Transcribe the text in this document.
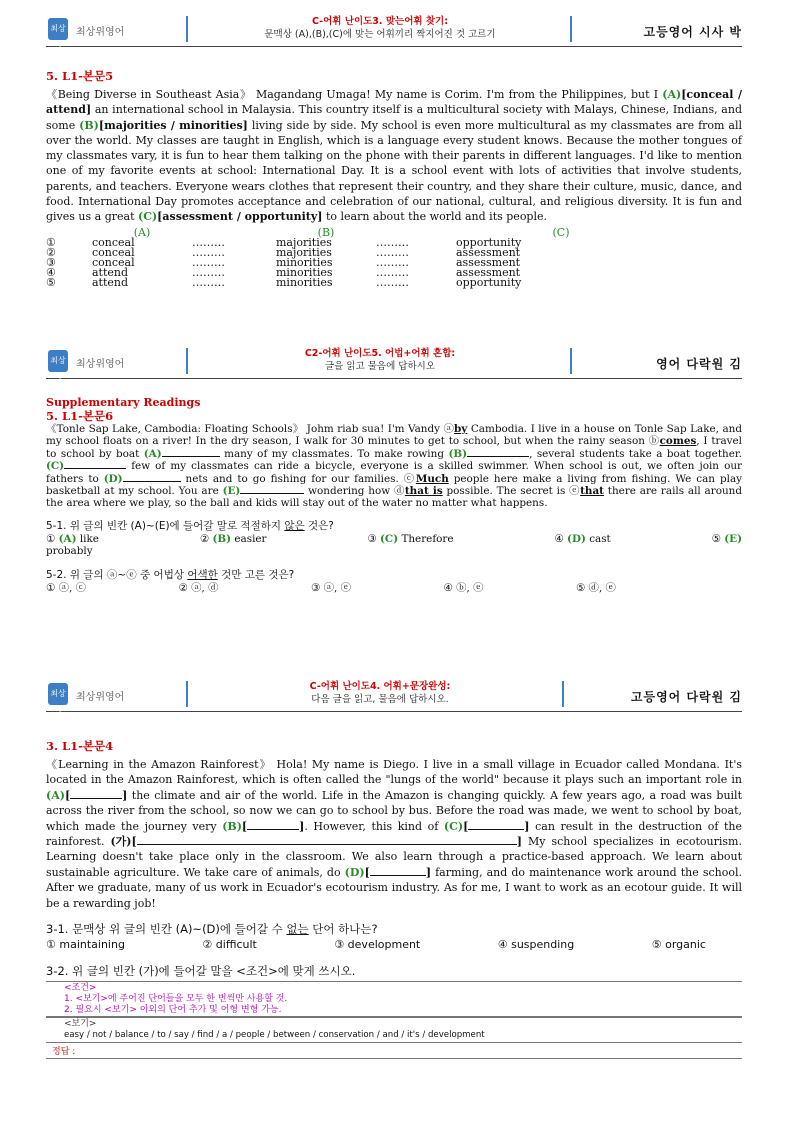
최상위
최상위영어
C-어휘 난이도3. 맞는어휘 찾기:
문맥상 (A),(B),(C)에 맞는 어휘끼리 짝지어진 것 고르기	고등영어 시사 박
5. L1-본문5

《Being Diverse in Southeast Asia》 Magandang Umaga! My name is Corim. I'm from the Philippines, but I (A)[conceal / attend] an international school in Malaysia. This country itself is a multicultural society with Malays, Chinese, Indians, and some (B)[majorities / minorities] living side by side. My school is even more multicultural as my classmates are from all over the world. My classes are taught in English, which is a language every student knows. Because the mother tongues of my classmates vary, it is fun to hear them talking on the phone with their parents in different languages. I'd like to mention one of my favorite events at school: International Day. It is a school event with lots of activities that involve students, parents, and teachers. Everyone wears clothes that represent their country, and they share their culture, music, dance, and food. International Day promotes acceptance and celebration of our national, cultural, and religious diversity. It is fun and gives us a great (C)[assessment / opportunity] to learn about the world and its people.

	(A)		(B)		(C)
①	conceal	………	majorities	………	opportunity
②	conceal	………	majorities	………	assessment
③	conceal	………	minorities	………	assessment
④	attend	………	minorities	………	assessment
⑤	attend	………	minorities	………	opportunity
최상위
최상위영어
C2-어휘 난이도5. 어법+어휘 혼합:
글을 읽고 물음에 답하시오	영어 다락원 김
Supplementary Readings
5. L1-본문6

《Tonle Sap Lake, Cambodia: Floating Schools》 Johm riab sua! I'm Vandy ⓐby Cambodia. I live in a house on Tonle Sap Lake, and my school floats on a river! In the dry season, I walk for 30 minutes to get to school, but when the rainy season ⓑcomes, I travel to school by boat (A)	many of my classmates. To make rowing (B)	, several students take a boat together. (C)	few of my classmates can ride a bicycle, everyone is a skilled swimmer. When school is out, we often join our fathers to (D)	nets and to go fishing for our families. ⓒMuch people here make a living from fishing. We can play basketball at my school. You are (E)	wondering how ⓓthat is possible. The secret is ⓔthat there are rails all around the area where we play, so the ball and kids will stay out of the water no matter what happens.

5-1. 위 글의 빈칸 (A)~(E)에 들어갈 말로 적절하지 않은 것은?
① (A) like	② (B) easier	③ (C) Therefore	④ (D) cast	⑤ (E)
probably
5-2. 위 글의 ⓐ~ⓔ 중 어법상 어색한 것만 고른 것은?
① ⓐ, ⓒ	② ⓐ, ⓓ	③ ⓐ, ⓔ	④ ⓑ, ⓔ	⑤ ⓓ, ⓔ
최상위
최상위영어
C-어휘 난이도4. 어휘+문장완성:
다음 글을 읽고, 물음에 답하시오.	고등영어 다락원 김
3. L1-본문4

《Learning in the Amazon Rainforest》 Hola! My name is Diego. I live in a small village in Ecuador called Mondana. It's located in the Amazon Rainforest, which is often called the "lungs of the world" because it plays such an important role in (A)[	] the climate and air of the world. Life in the Amazon is changing quickly. A few years ago, a road was built across the river from the school, so now we can go to school by bus. Before the road was made, we went to school by boat, which made the journey very (B)[	]. However, this kind of (C)[	] can result in the destruction of the rainforest. (가)[	] My school specializes in ecotourism. Learning doesn't take place only in the classroom. We also learn through a practice-based approach. We learn about sustainable agriculture. We take care of animals, do (D)[	] farming, and do maintenance work around the school. After we graduate, many of us work in Ecuador's ecotourism industry. As for me, I want to work as an ecotour guide. It will be a rewarding job!

3-1. 문맥상 위 글의 빈칸 (A)~(D)에 들어갈 수 없는 단어 하나는?
① maintaining	② difficult	③ development	④ suspending	⑤ organic
3-2. 위 글의 빈칸 (가)에 들어갈 말을 <조건>에 맞게 쓰시오.
<조건>
1. <보기>에 주어진 단어들을 모두 한 번씩만 사용할 것.
2. 필요시 <보기> 이외의 단어 추가 및 어형 변형 가능.
<보기>
easy / not / balance / to / say / find / a / people / between / conservation / and / it's / development
정답 :
